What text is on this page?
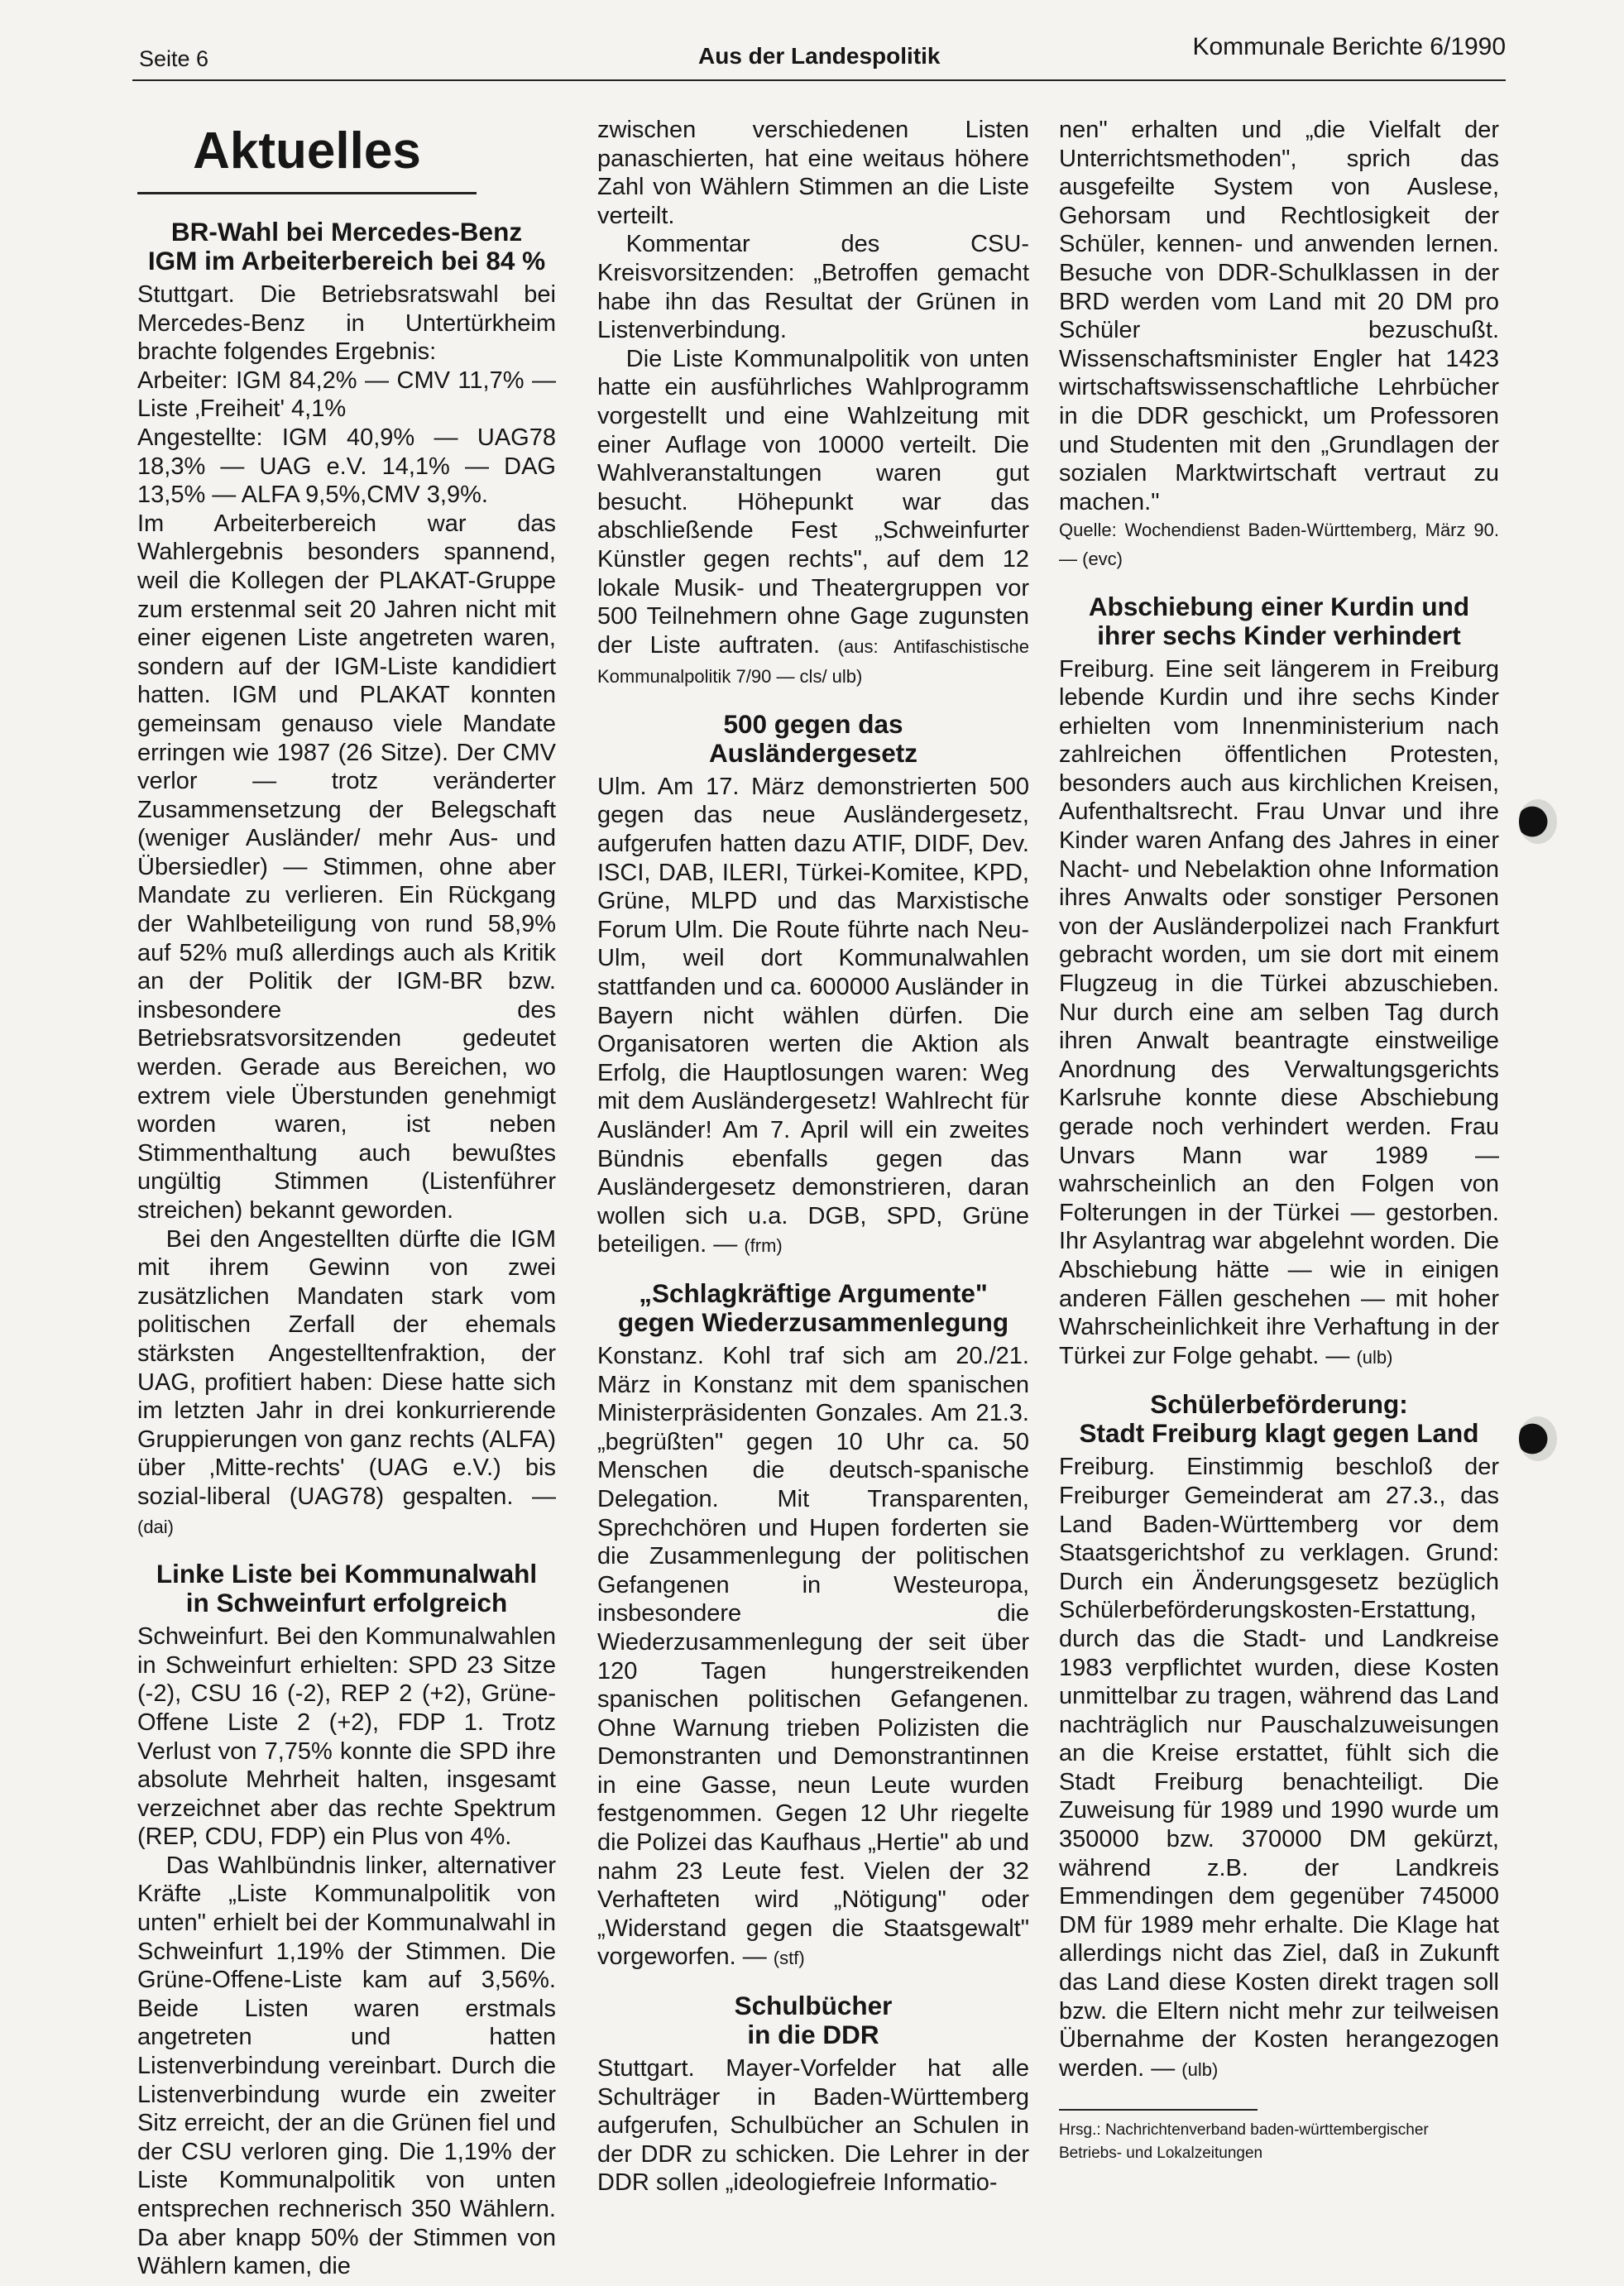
Seite 6	Aus der Landespolitik	Kommunale Berichte 6/1990
Aktuelles
BR-Wahl bei Mercedes-Benz
IGM im Arbeiterbereich bei 84 %

Stuttgart. Die Betriebsratswahl bei Mercedes-Benz in Untertürkheim brachte folgendes Ergebnis:

Arbeiter: IGM 84,2% — CMV 11,7% — Liste ‚Freiheit' 4,1%

Angestellte: IGM 40,9% — UAG78 18,3% — UAG e.V. 14,1% — DAG 13,5% — ALFA 9,5%,CMV 3,9%.

Im Arbeiterbereich war das Wahlergebnis besonders spannend, weil die Kollegen der PLAKAT-Gruppe zum erstenmal seit 20 Jahren nicht mit einer eigenen Liste angetreten waren, sondern auf der IGM-Liste kandidiert hatten. IGM und PLAKAT konnten gemeinsam genauso viele Mandate erringen wie 1987 (26 Sitze). Der CMV verlor — trotz veränderter Zusammensetzung der Belegschaft (weniger Ausländer/ mehr Aus- und Übersiedler) — Stimmen, ohne aber Mandate zu verlieren. Ein Rückgang der Wahlbeteiligung von rund 58,9% auf 52% muß allerdings auch als Kritik an der Politik der IGM-BR bzw. insbesondere des Betriebsratsvorsitzenden gedeutet werden. Gerade aus Bereichen, wo extrem viele Überstunden genehmigt worden waren, ist neben Stimmenthaltung auch bewußtes ungültig Stimmen (Listenführer streichen) bekannt geworden.

Bei den Angestellten dürfte die IGM mit ihrem Gewinn von zwei zusätzlichen Mandaten stark vom politischen Zerfall der ehemals stärksten Angestelltenfraktion, der UAG, profitiert haben: Diese hatte sich im letzten Jahr in drei konkurrierende Gruppierungen von ganz rechts (ALFA) über ‚Mitte-rechts' (UAG e.V.) bis sozial-liberal (UAG78) gespalten. — (dai)

Linke Liste bei Kommunalwahl
in Schweinfurt erfolgreich

Schweinfurt. Bei den Kommunalwahlen in Schweinfurt erhielten: SPD 23 Sitze (-2), CSU 16 (-2), REP 2 (+2), Grüne-Offene Liste 2 (+2), FDP 1. Trotz Verlust von 7,75% konnte die SPD ihre absolute Mehrheit halten, insgesamt verzeichnet aber das rechte Spektrum (REP, CDU, FDP) ein Plus von 4%.

Das Wahlbündnis linker, alternativer Kräfte „Liste Kommunalpolitik von unten" erhielt bei der Kommunalwahl in Schweinfurt 1,19% der Stimmen. Die Grüne-Offene-Liste kam auf 3,56%. Beide Listen waren erstmals angetreten und hatten Listenverbindung vereinbart. Durch die Listenverbindung wurde ein zweiter Sitz erreicht, der an die Grünen fiel und der CSU verloren ging. Die 1,19% der Liste Kommunalpolitik von unten entsprechen rechnerisch 350 Wählern. Da aber knapp 50% der Stimmen von Wählern kamen, die

zwischen verschiedenen Listen panaschierten, hat eine weitaus höhere Zahl von Wählern Stimmen an die Liste verteilt.

Kommentar des CSU-Kreisvorsitzenden: „Betroffen gemacht habe ihn das Resultat der Grünen in Listenverbindung.

Die Liste Kommunalpolitik von unten hatte ein ausführliches Wahlprogramm vorgestellt und eine Wahlzeitung mit einer Auflage von 10000 verteilt. Die Wahlveranstaltungen waren gut besucht. Höhepunkt war das abschließende Fest „Schweinfurter Künstler gegen rechts", auf dem 12 lokale Musik- und Theatergruppen vor 500 Teilnehmern ohne Gage zugunsten der Liste auftraten. (aus: Antifaschistische Kommunalpolitik 7/90 — cls/ ulb)

500 gegen das
Ausländergesetz

Ulm. Am 17. März demonstrierten 500 gegen das neue Ausländergesetz, aufgerufen hatten dazu ATIF, DIDF, Dev. ISCI, DAB, ILERI, Türkei-Komitee, KPD, Grüne, MLPD und das Marxistische Forum Ulm. Die Route führte nach Neu-Ulm, weil dort Kommunalwahlen stattfanden und ca. 600000 Ausländer in Bayern nicht wählen dürfen. Die Organisatoren werten die Aktion als Erfolg, die Hauptlosungen waren: Weg mit dem Ausländergesetz! Wahlrecht für Ausländer! Am 7. April will ein zweites Bündnis ebenfalls gegen das Ausländergesetz demonstrieren, daran wollen sich u.a. DGB, SPD, Grüne beteiligen. — (frm)

„Schlagkräftige Argumente"
gegen Wiederzusammenlegung

Konstanz. Kohl traf sich am 20./21. März in Konstanz mit dem spanischen Ministerpräsidenten Gonzales. Am 21.3. „begrüßten" gegen 10 Uhr ca. 50 Menschen die deutsch-spanische Delegation. Mit Transparenten, Sprechchören und Hupen forderten sie die Zusammenlegung der politischen Gefangenen in Westeuropa, insbesondere die Wiederzusammenlegung der seit über 120 Tagen hungerstreikenden spanischen politischen Gefangenen. Ohne Warnung trieben Polizisten die Demonstranten und Demonstrantinnen in eine Gasse, neun Leute wurden festgenommen. Gegen 12 Uhr riegelte die Polizei das Kaufhaus „Hertie" ab und nahm 23 Leute fest. Vielen der 32 Verhafteten wird „Nötigung" oder „Widerstand gegen die Staatsgewalt" vorgeworfen. — (stf)

Schulbücher
in die DDR

Stuttgart. Mayer-Vorfelder hat alle Schulträger in Baden-Württemberg aufgerufen, Schulbücher an Schulen in der DDR zu schicken. Die Lehrer in der DDR sollen „ideologiefreie Informatio-

nen" erhalten und „die Vielfalt der Unterrichtsmethoden", sprich das ausgefeilte System von Auslese, Gehorsam und Rechtlosigkeit der Schüler, kennen- und anwenden lernen. Besuche von DDR-Schulklassen in der BRD werden vom Land mit 20 DM pro Schüler bezuschußt. Wissenschaftsminister Engler hat 1423 wirtschaftswissenschaftliche Lehrbücher in die DDR geschickt, um Professoren und Studenten mit den „Grundlagen der sozialen Marktwirtschaft vertraut zu machen."

Quelle: Wochendienst Baden-Württemberg, März 90. — (evc)

Abschiebung einer Kurdin und
ihrer sechs Kinder verhindert

Freiburg. Eine seit längerem in Freiburg lebende Kurdin und ihre sechs Kinder erhielten vom Innenministerium nach zahlreichen öffentlichen Protesten, besonders auch aus kirchlichen Kreisen, Aufenthaltsrecht. Frau Unvar und ihre Kinder waren Anfang des Jahres in einer Nacht- und Nebelaktion ohne Information ihres Anwalts oder sonstiger Personen von der Ausländerpolizei nach Frankfurt gebracht worden, um sie dort mit einem Flugzeug in die Türkei abzuschieben. Nur durch eine am selben Tag durch ihren Anwalt beantragte einstweilige Anordnung des Verwaltungsgerichts Karlsruhe konnte diese Abschiebung gerade noch verhindert werden. Frau Unvars Mann war 1989 — wahrscheinlich an den Folgen von Folterungen in der Türkei — gestorben. Ihr Asylantrag war abgelehnt worden. Die Abschiebung hätte — wie in einigen anderen Fällen geschehen — mit hoher Wahrscheinlichkeit ihre Verhaftung in der Türkei zur Folge gehabt. — (ulb)

Schülerbeförderung:
Stadt Freiburg klagt gegen Land

Freiburg. Einstimmig beschloß der Freiburger Gemeinderat am 27.3., das Land Baden-Württemberg vor dem Staatsgerichtshof zu verklagen. Grund: Durch ein Änderungsgesetz bezüglich Schülerbeförderungskosten-Erstattung, durch das die Stadt- und Landkreise 1983 verpflichtet wurden, diese Kosten unmittelbar zu tragen, während das Land nachträglich nur Pauschalzuweisungen an die Kreise erstattet, fühlt sich die Stadt Freiburg benachteiligt. Die Zuweisung für 1989 und 1990 wurde um 350000 bzw. 370000 DM gekürzt, während z.B. der Landkreis Emmendingen dem gegenüber 745000 DM für 1989 mehr erhalte. Die Klage hat allerdings nicht das Ziel, daß in Zukunft das Land diese Kosten direkt tragen soll bzw. die Eltern nicht mehr zur teilweisen Übernahme der Kosten herangezogen werden. — (ulb)

Hrsg.: Nachrichtenverband baden-württembergischer
Betriebs- und Lokalzeitungen
